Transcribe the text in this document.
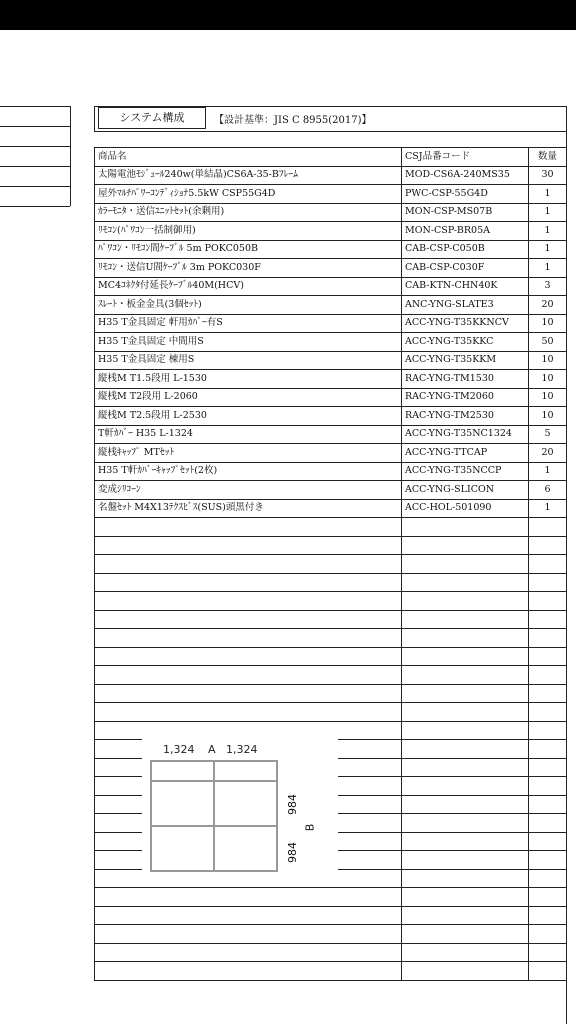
システム構成	【設計基準：JIS C 8955(2017)】
商品名	CSJ品番コード	数量
太陽電池ﾓｼﾞｭｰﾙ240w(単結晶)CS6A-35-Bﾌﾚｰﾑ	MOD-CS6A-240MS35	30
屋外ﾏﾙﾁﾊﾟﾜｰｺﾝﾃﾞｨｼｮﾅ5.5kW CSP55G4D	PWC-CSP-55G4D	1
ｶﾗｰﾓﾆﾀ・送信ﾕﾆｯﾄｾｯﾄ(余剰用)	MON-CSP-MS07B	1
ﾘﾓｺﾝ(ﾊﾟﾜｺﾝ一括制御用)	MON-CSP-BR05A	1
ﾊﾟﾜｺﾝ・ﾘﾓｺﾝ間ｹｰﾌﾞﾙ 5m POKC050B	CAB-CSP-C050B	1
ﾘﾓｺﾝ・送信U間ｹｰﾌﾞﾙ 3m POKC030F	CAB-CSP-C030F	1
MC4ｺﾈｸﾀ付延長ｹｰﾌﾞﾙ40M(HCV)	CAB-KTN-CHN40K	3
ｽﾚｰﾄ・板金金具(3個ｾｯﾄ)	ANC-YNG-SLATE3	20
H35 T金具固定 軒用ｶﾊﾞｰ有S	ACC-YNG-T35KKNCV	10
H35 T金具固定 中間用S	ACC-YNG-T35KKC	50
H35 T金具固定 棟用S	ACC-YNG-T35KKM	10
縦桟M T1.5段用 L-1530	RAC-YNG-TM1530	10
縦桟M T2段用 L-2060	RAC-YNG-TM2060	10
縦桟M T2.5段用 L-2530	RAC-YNG-TM2530	10
T軒ｶﾊﾞｰ H35 L-1324	ACC-YNG-T35NC1324	5
縦桟ｷｬｯﾌﾟ MTｾｯﾄ	ACC-YNG-TTCAP	20
H35 T軒ｶﾊﾞｰｷｬｯﾌﾟｾｯﾄ(2枚)	ACC-YNG-T35NCCP	1
変成ｼﾘｺｰﾝ	ACC-YNG-SLICON	6
名盤ｾｯﾄ M4X13ﾃｸｽﾋﾞｽ(SUS)頭黒付き	ACC-HOL-501090	1

1,324 A 1,324
984
984
B
